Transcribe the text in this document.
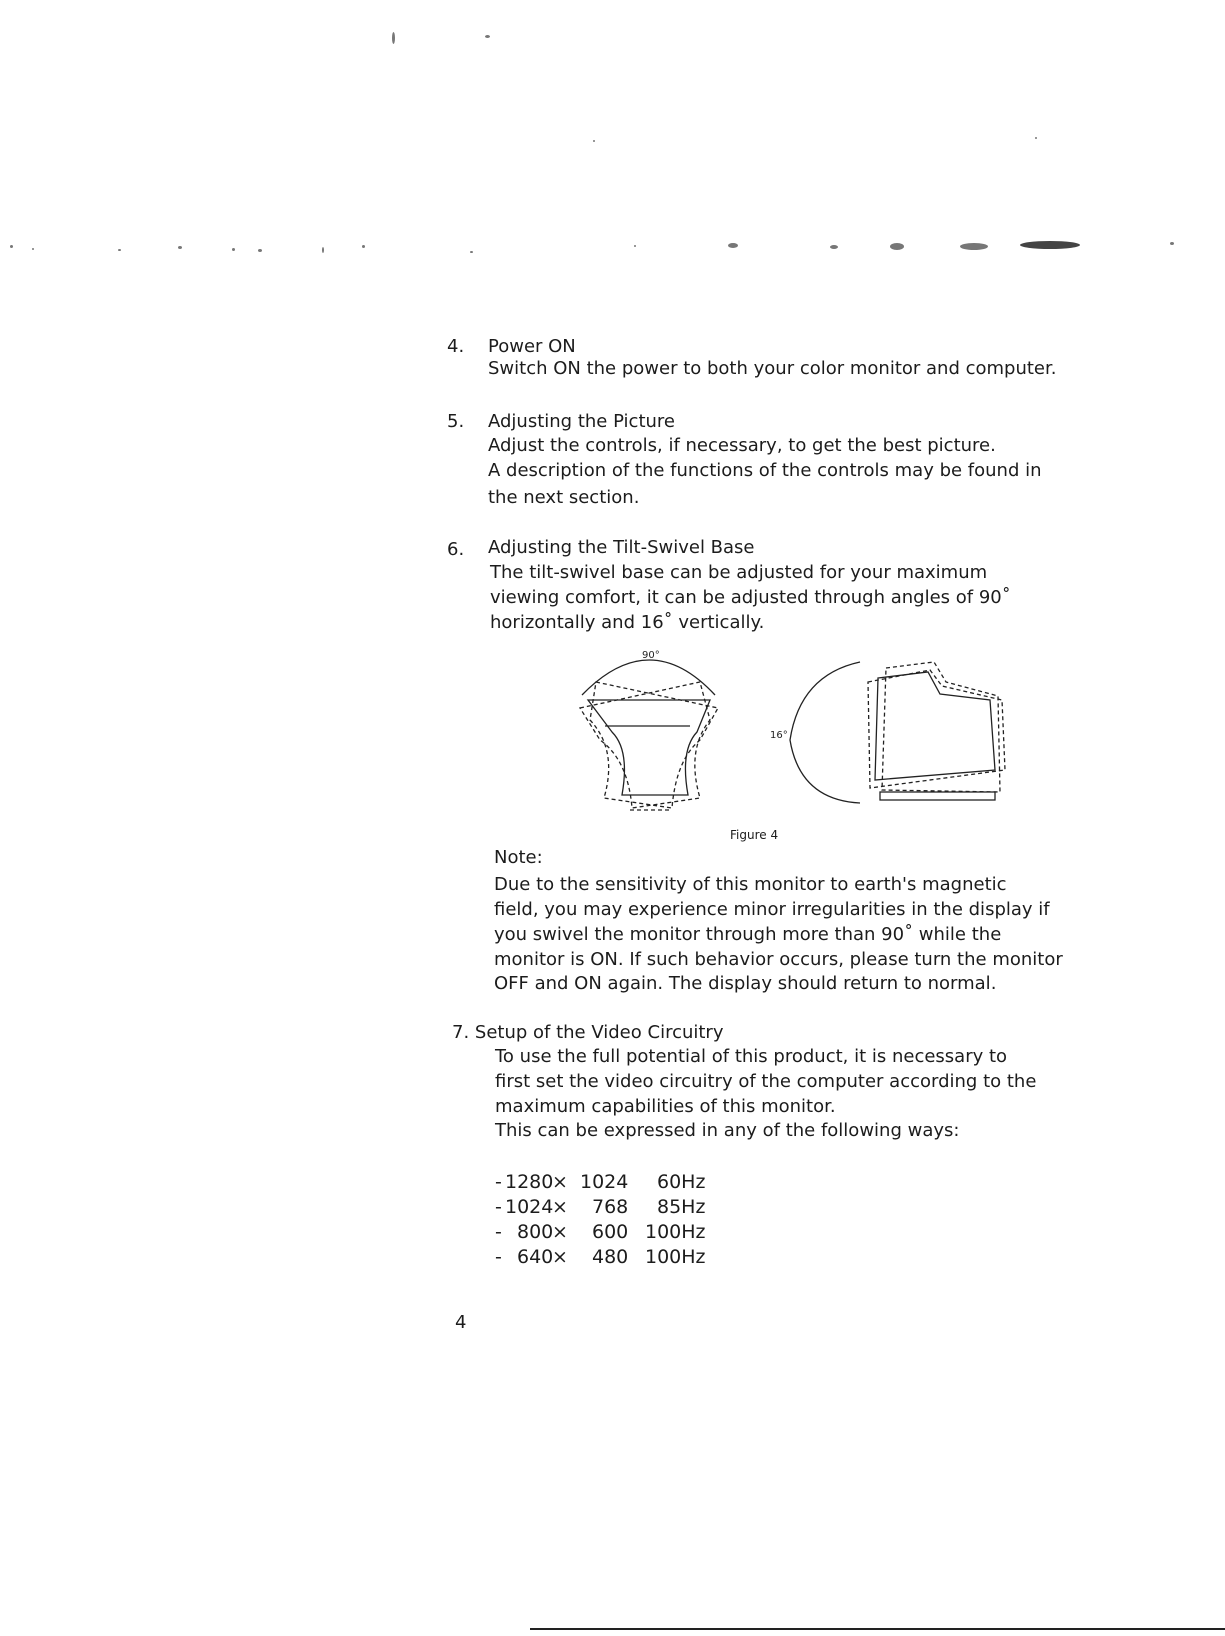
4. Power ON
Switch ON the power to both your color monitor and computer.
5. Adjusting the Picture
Adjust the controls, if necessary, to get the best picture.
A description of the functions of the controls may be found in
the next section.
6. Adjusting the Tilt-Swivel Base
The tilt-swivel base can be adjusted for your maximum
viewing comfort, it can be adjusted through angles of 90˚
horizontally and 16˚ vertically.
90°
16°
Figure 4
Note:
Due to the sensitivity of this monitor to earth's magnetic
field, you may experience minor irregularities in the display if
you swivel the monitor through more than 90˚ while the
monitor is ON. If such behavior occurs, please turn the monitor
OFF and ON again. The display should return to normal.
7. Setup of the Video Circuitry
To use the full potential of this product, it is necessary to
first set the video circuitry of the computer according to the
maximum capabilities of this monitor.
This can be expressed in any of the following ways:
- 1280
× 1024 60Hz
- 1024
× 768 85Hz
- 800
× 600 100Hz
- 640
× 480 100Hz
4
